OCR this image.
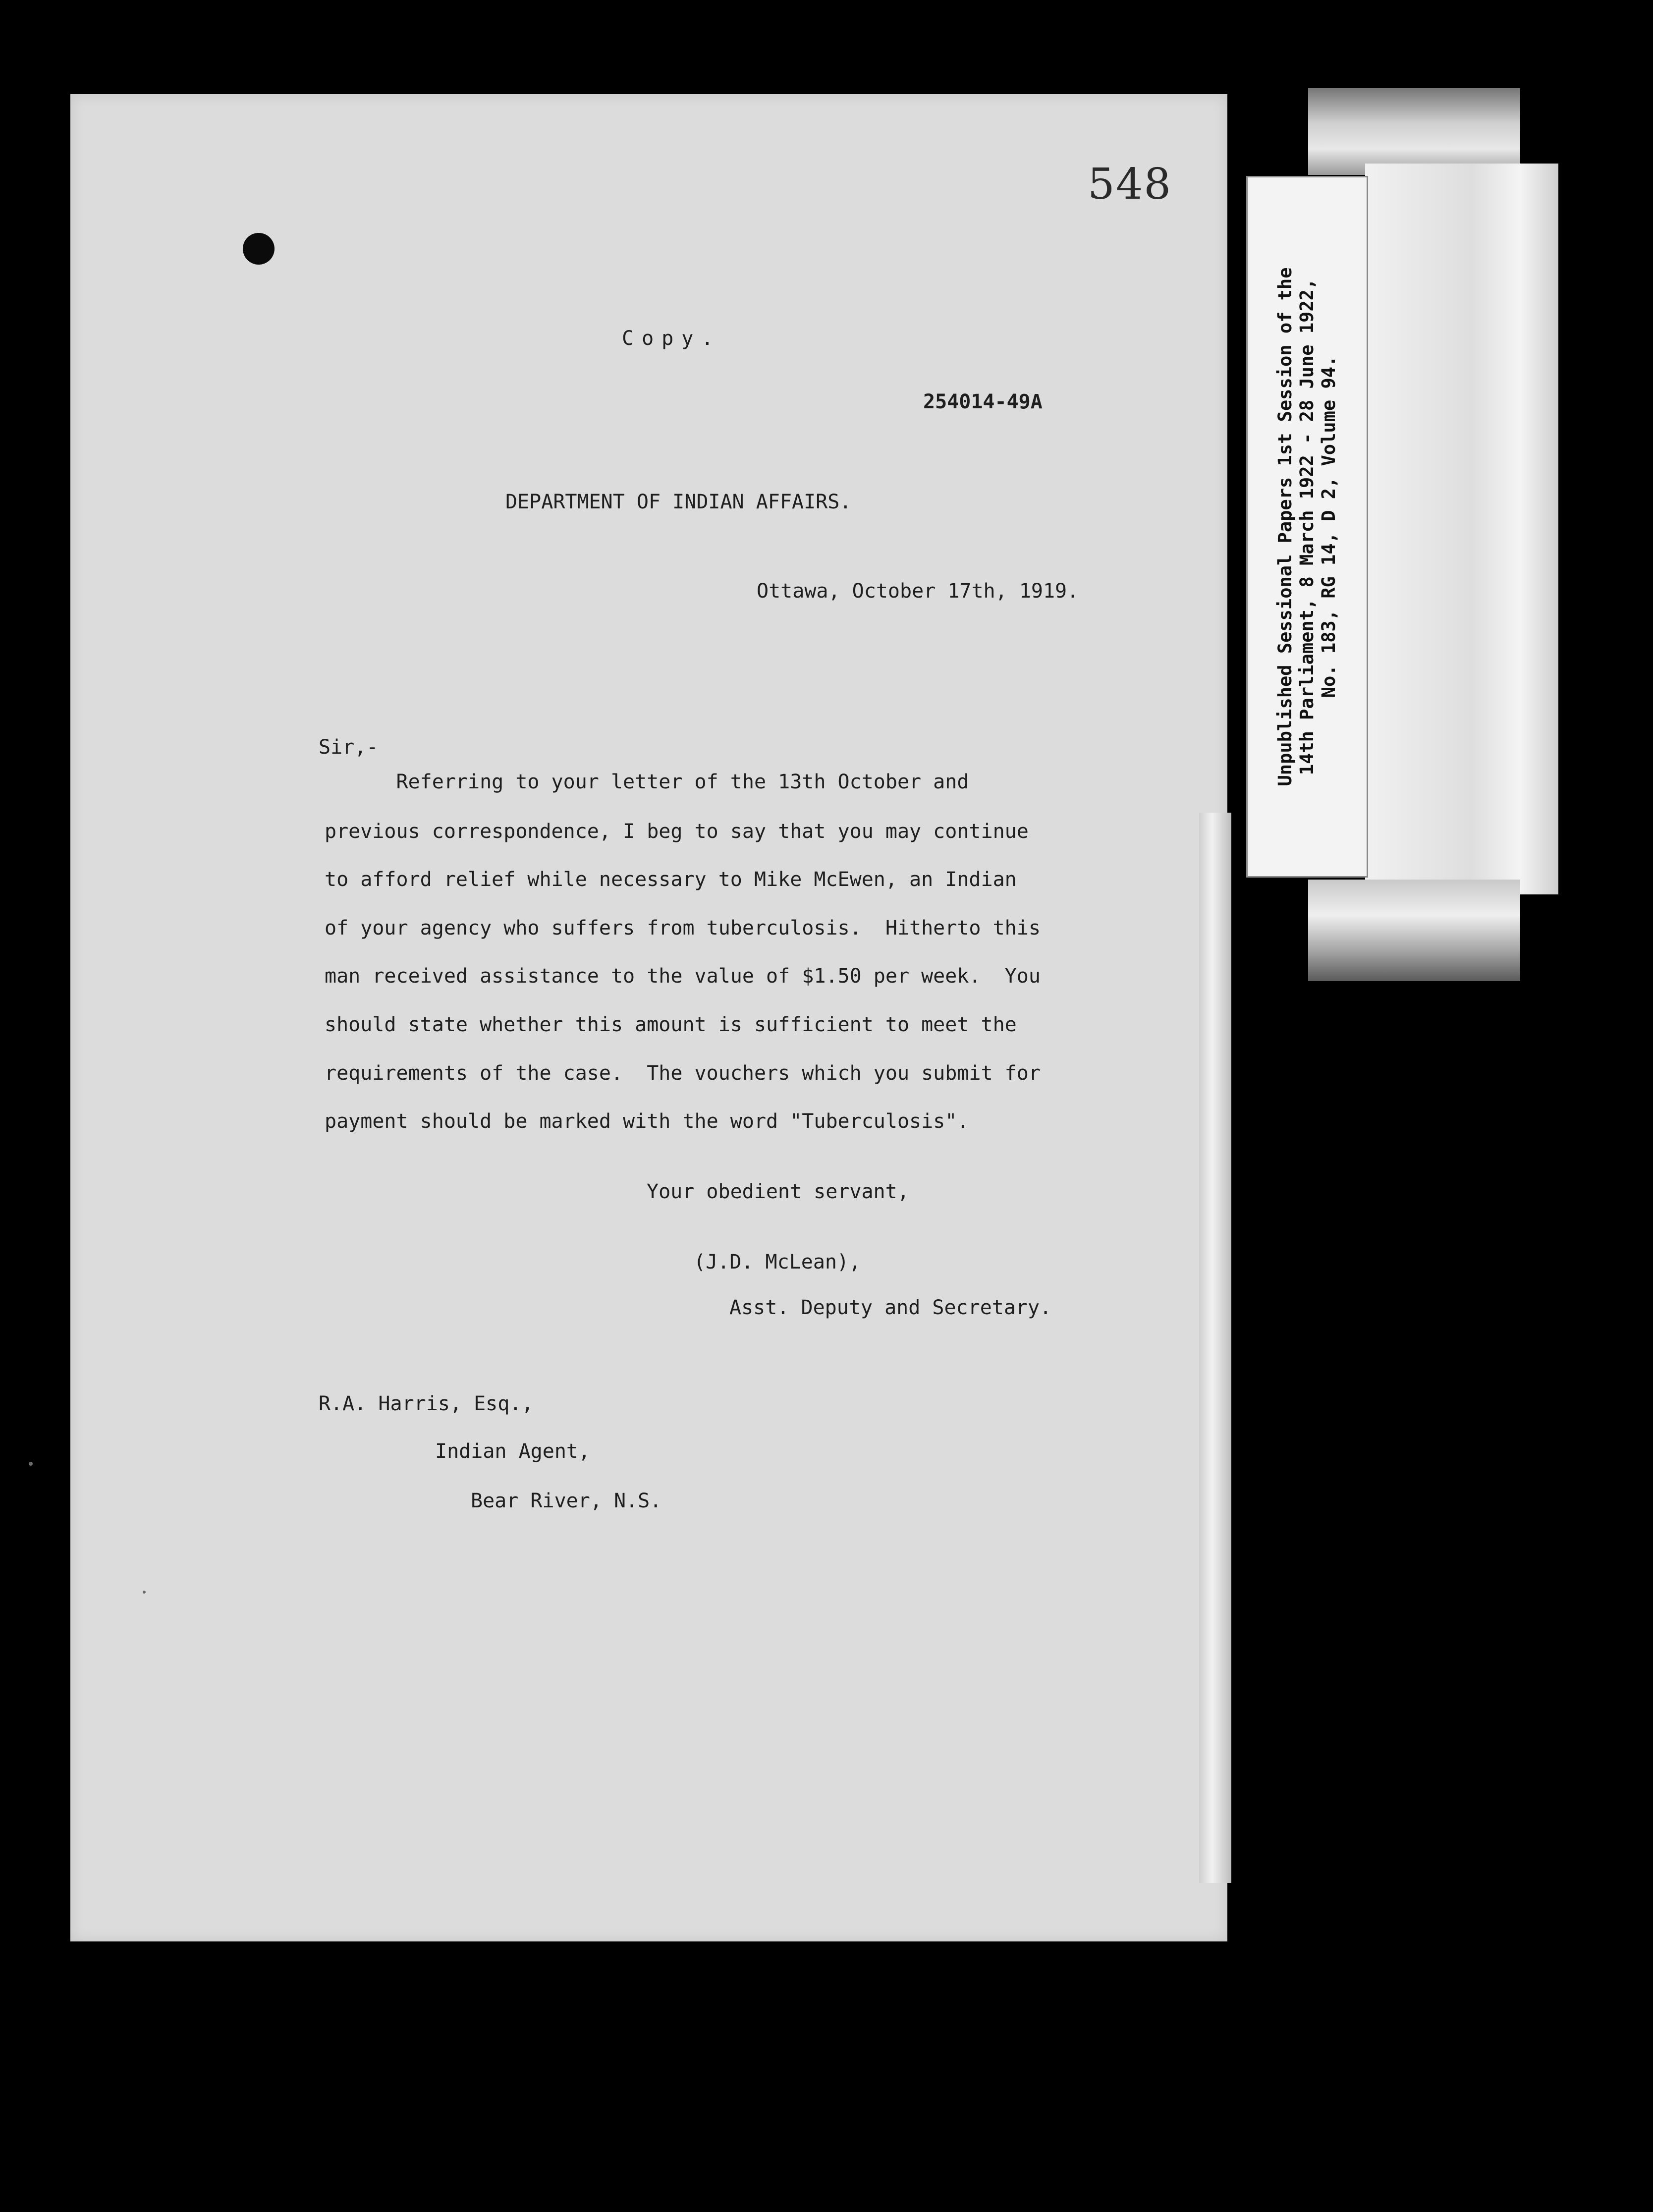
548
Copy.
254014-49A
DEPARTMENT OF INDIAN AFFAIRS.
Ottawa, October 17th, 1919.
Sir,-
Referring to your letter of the 13th October and
previous correspondence, I beg to say that you may continue
to afford relief while necessary to Mike McEwen, an Indian
of your agency who suffers from tuberculosis.  Hitherto this
man received assistance to the value of $1.50 per week.  You
should state whether this amount is sufficient to meet the
requirements of the case.  The vouchers which you submit for
payment should be marked with the word "Tuberculosis".
Your obedient servant,
(J.D. McLean),
Asst. Deputy and Secretary.
R.A. Harris, Esq.,
Indian Agent,
Bear River, N.S.
Unpublished Sessional Papers 1st Session of the 14th Parliament, 8 March 1922 - 28 June 1922, No. 183, RG 14, D 2, Volume 94.
